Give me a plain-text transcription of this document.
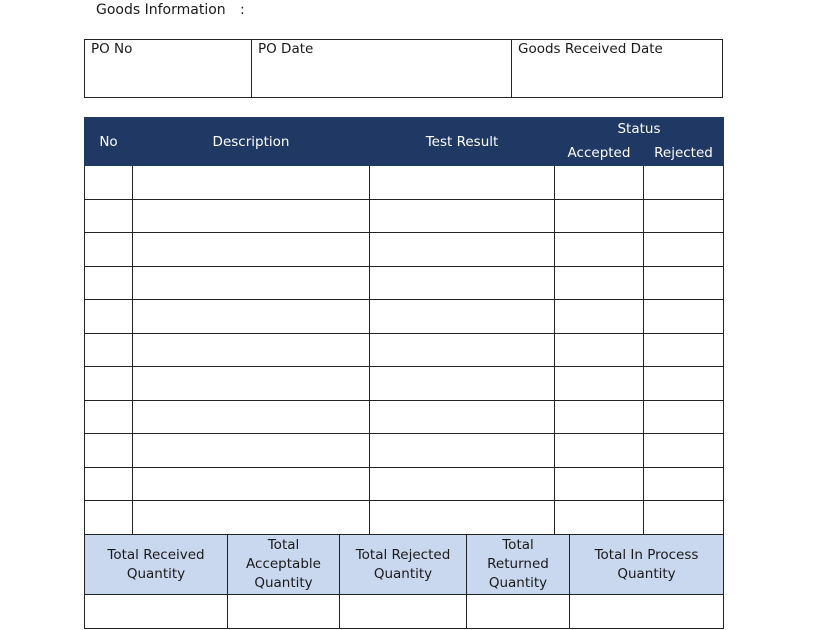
Goods Information :
PO No	PO Date	Goods Received Date
No	Description	Test Result	Status	
			Accepted	Rejected

Total Received Quantity	Total Acceptable Quantity	Total Rejected Quantity	Total Returned Quantity	Total In Process Quantity
